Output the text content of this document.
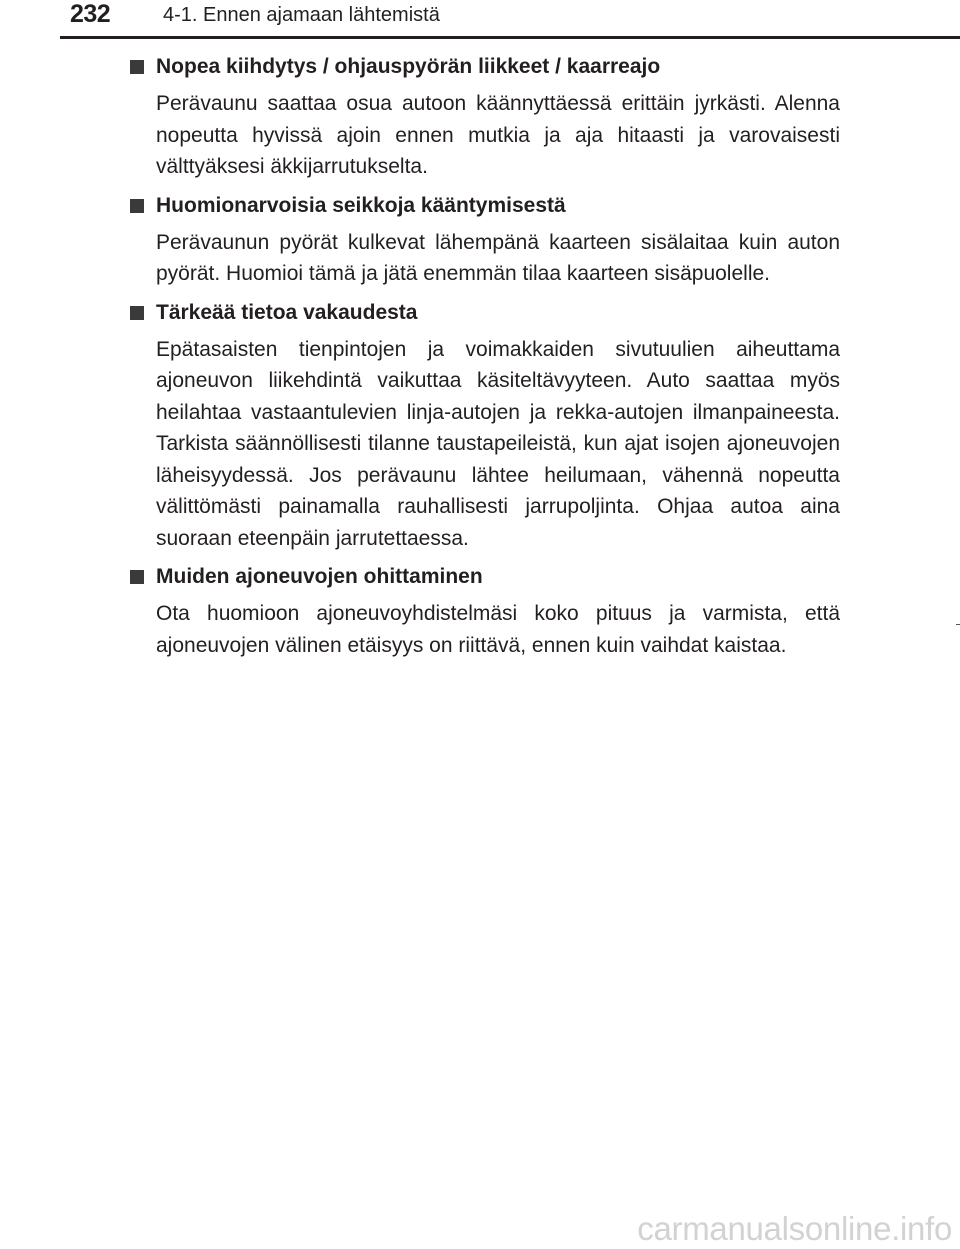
232	4-1. Ennen ajamaan lähtemistä
Nopea kiihdytys / ohjauspyörän liikkeet / kaarreajo
Perävaunu saattaa osua autoon käännyttäessä erittäin jyrkästi. Alenna nopeutta hyvissä ajoin ennen mutkia ja aja hitaasti ja varovaisesti välttyäksesi äkkijarrutukselta.
Huomionarvoisia seikkoja kääntymisestä
Perävaunun pyörät kulkevat lähempänä kaarteen sisälaitaa kuin auton pyörät. Huomioi tämä ja jätä enemmän tilaa kaarteen sisäpuolelle.
Tärkeää tietoa vakaudesta
Epätasaisten tienpintojen ja voimakkaiden sivutuulien aiheuttama ajoneuvon liikehdintä vaikuttaa käsiteltävyyteen. Auto saattaa myös heilahtaa vastaantulevien linja-autojen ja rekka-autojen ilmanpaineesta. Tarkista säännöllisesti tilanne taustapeileistä, kun ajat isojen ajoneuvojen läheisyydessä. Jos perävaunu lähtee heilumaan, vähennä nopeutta välittömästi painamalla rauhallisesti jarrupoljinta. Ohjaa autoa aina suoraan eteenpäin jarrutettaessa.
Muiden ajoneuvojen ohittaminen
Ota huomioon ajoneuvoyhdistelmäsi koko pituus ja varmista, että ajoneuvojen välinen etäisyys on riittävä, ennen kuin vaihdat kaistaa.
carmanualsonline.info
